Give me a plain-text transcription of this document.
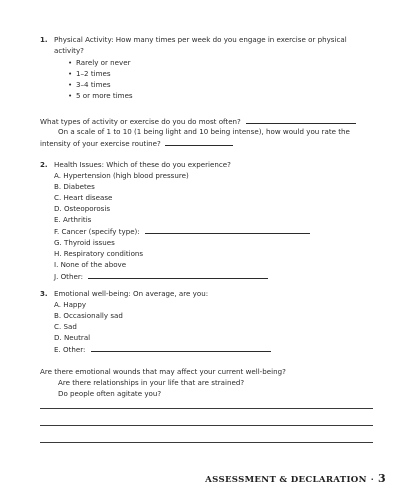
1. Physical Activity: How many times per week do you engage in exercise or physical activity?
• Rarely or never
• 1–2 times
• 3–4 times
• 5 or more times
What types of activity or exercise do you do most often?
On a scale of 1 to 10 (1 being light and 10 being intense), how would you rate the intensity of your exercise routine?
2. Health Issues: Which of these do you experience?
A. Hypertension (high blood pressure)
B. Diabetes
C. Heart disease
D. Osteoporosis
E. Arthritis
F. Cancer (specify type):
G. Thyroid issues
H. Respiratory conditions
I. None of the above
J. Other:
3. Emotional well-being: On average, are you:
A. Happy
B. Occasionally sad
C. Sad
D. Neutral
E. Other:
Are there emotional wounds that may affect your current well-being?
Are there relationships in your life that are strained?
Do people often agitate you?
ASSESSMENT & DECLARATION · 3
